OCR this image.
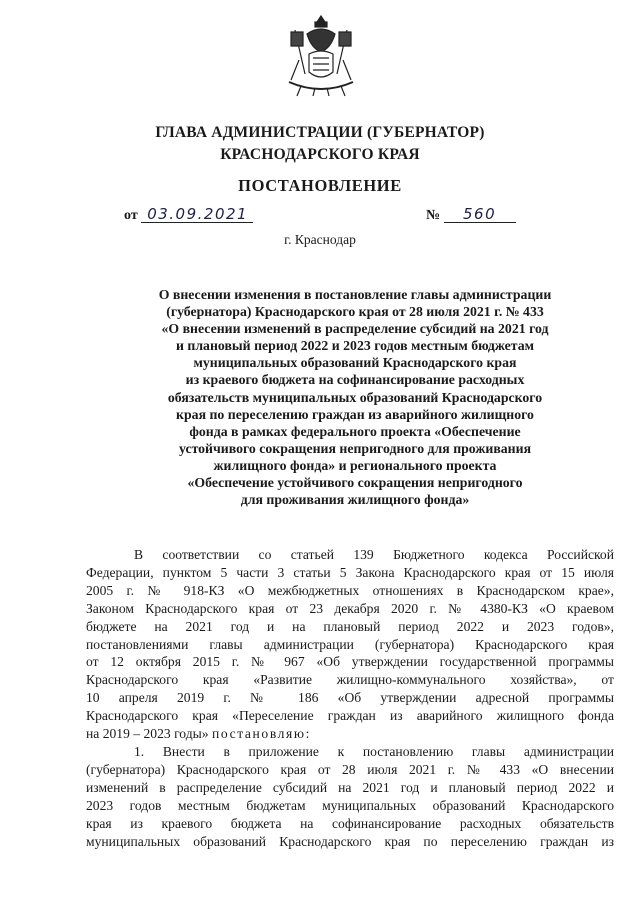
ГЛАВА АДМИНИСТРАЦИИ (ГУБЕРНАТОР)
КРАСНОДАРСКОГО КРАЯ
ПОСТАНОВЛЕНИЕ
от 03.09.2021	№ 560
г. Краснодар
О внесении изменения в постановление главы администрации
(губернатора) Краснодарского края от 28 июля 2021 г. № 433
«О внесении изменений в распределение субсидий на 2021 год
и плановый период 2022 и 2023 годов местным бюджетам
муниципальных образований Краснодарского края
из краевого бюджета на софинансирование расходных
обязательств муниципальных образований Краснодарского
края по переселению граждан из аварийного жилищного
фонда в рамках федерального проекта «Обеспечение
устойчивого сокращения непригодного для проживания
жилищного фонда» и регионального проекта
«Обеспечение устойчивого сокращения непригодного
для проживания жилищного фонда»
В соответствии со статьей 139 Бюджетного кодекса Российской
Федерации, пунктом 5 части 3 статьи 5 Закона Краснодарского края от 15 июля
2005 г. № 918-КЗ «О межбюджетных отношениях в Краснодарском крае»,
Законом Краснодарского края от 23 декабря 2020 г. № 4380-КЗ «О краевом
бюджете на 2021 год и на плановый период 2022 и 2023 годов»,
постановлениями главы администрации (губернатора) Краснодарского края
от 12 октября 2015 г. № 967 «Об утверждении государственной программы
Краснодарского края «Развитие жилищно-коммунального хозяйства», от
10 апреля 2019 г. № 186 «Об утверждении адресной программы
Краснодарского края «Переселение граждан из аварийного жилищного фонда
на 2019 – 2023 годы» постановляю:
1. Внести в приложение к постановлению главы администрации
(губернатора) Краснодарского края от 28 июля 2021 г. № 433 «О внесении
изменений в распределение субсидий на 2021 год и плановый период 2022 и
2023 годов местным бюджетам муниципальных образований Краснодарского
края из краевого бюджета на софинансирование расходных обязательств
муниципальных образований Краснодарского края по переселению граждан из
